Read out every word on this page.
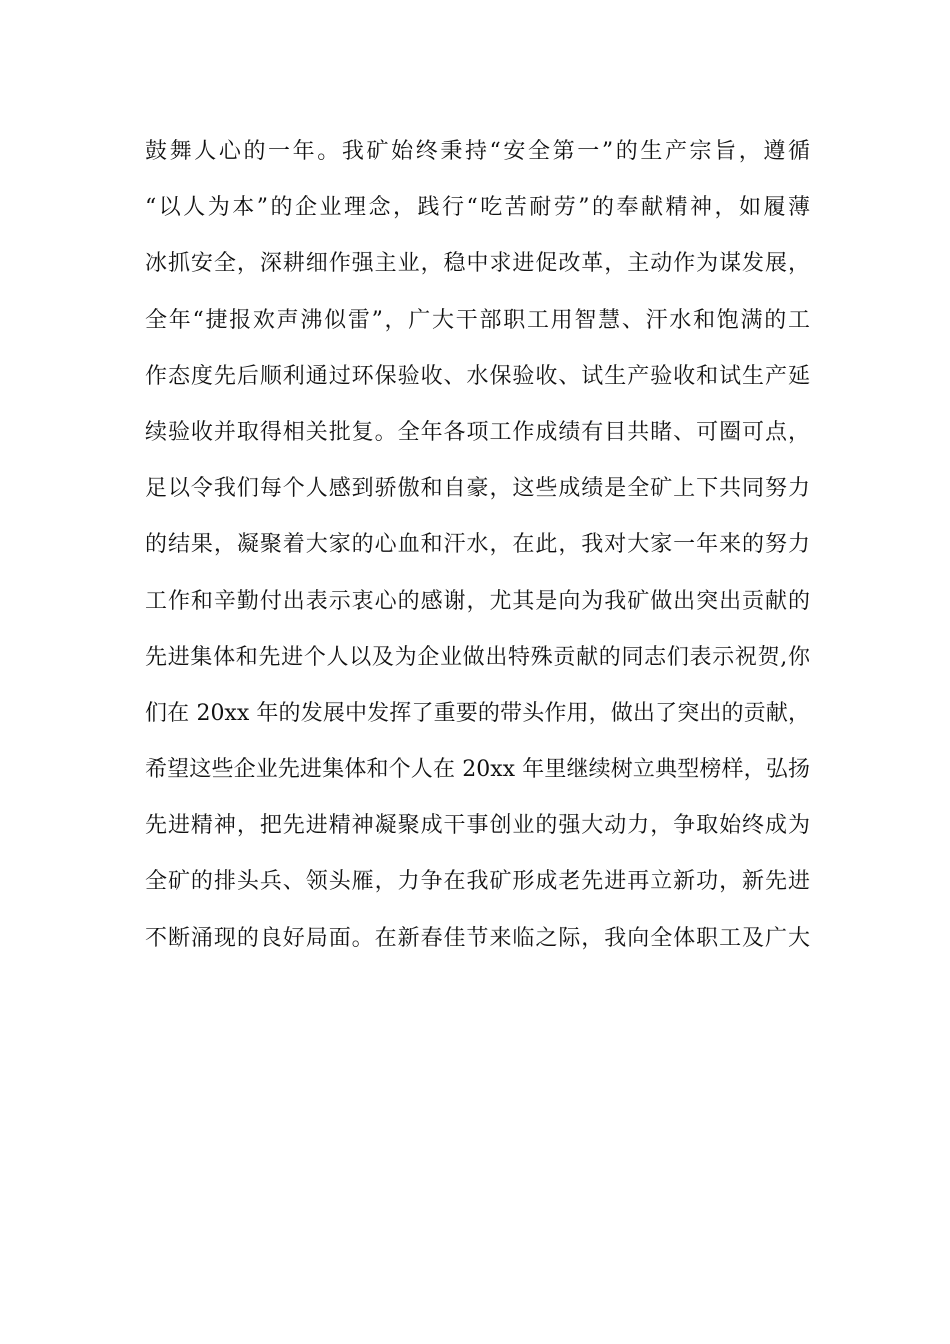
鼓舞人心的一年。我矿始终秉持“安全第一”的生产宗旨，遵循
“以人为本”的企业理念，践行“吃苦耐劳”的奉献精神，如履薄
冰抓安全，深耕细作强主业，稳中求进促改革，主动作为谋发展，
全年“捷报欢声沸似雷”，广大干部职工用智慧、汗水和饱满的工
作态度先后顺利通过环保验收、水保验收、试生产验收和试生产延
续验收并取得相关批复。全年各项工作成绩有目共睹、可圈可点，
足以令我们每个人感到骄傲和自豪，这些成绩是全矿上下共同努力
的结果，凝聚着大家的心血和汗水，在此，我对大家一年来的努力
工作和辛勤付出表示衷心的感谢，尤其是向为我矿做出突出贡献的
先进集体和先进个人以及为企业做出特殊贡献的同志们表示祝贺,你
们在 20xx 年的发展中发挥了重要的带头作用，做出了突出的贡献，
希望这些企业先进集体和个人在 20xx 年里继续树立典型榜样，弘扬
先进精神，把先进精神凝聚成干事创业的强大动力，争取始终成为
全矿的排头兵、领头雁，力争在我矿形成老先进再立新功，新先进
不断涌现的良好局面。在新春佳节来临之际，我向全体职工及广大
